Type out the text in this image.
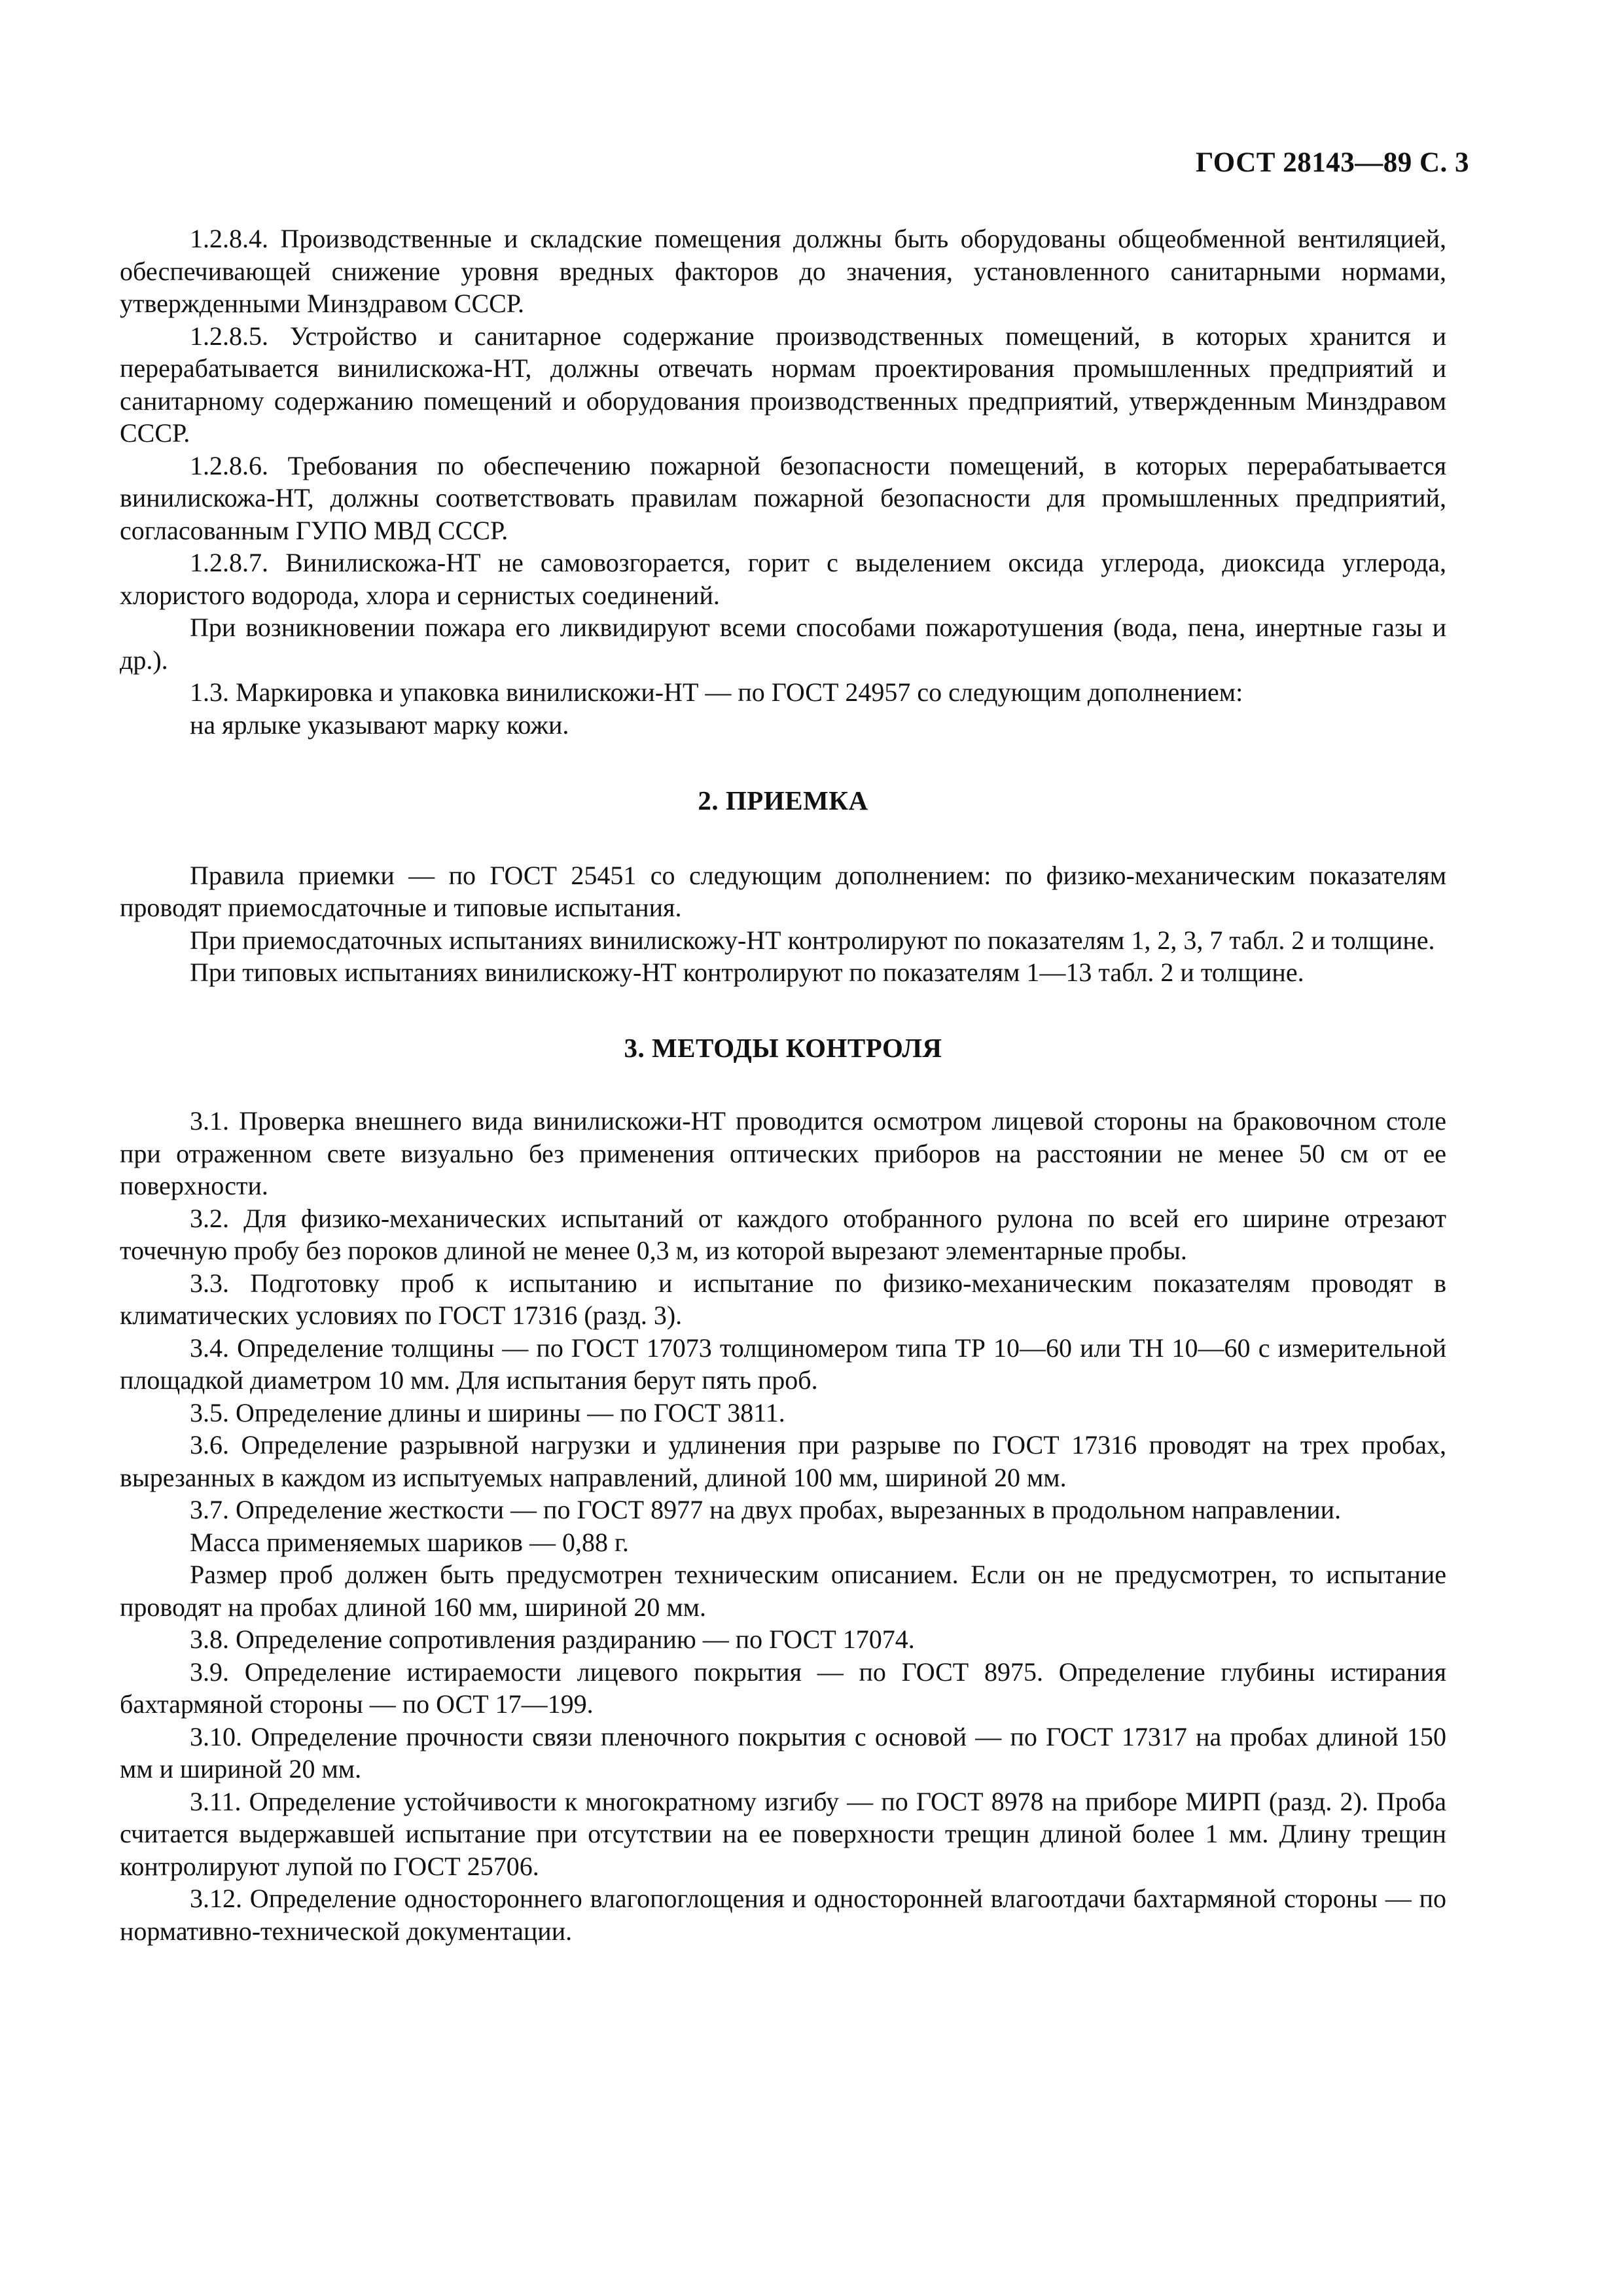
ГОСТ 28143—89 С. 3

1.2.8.4. Производственные и складские помещения должны быть оборудованы общеобменной вентиляцией, обеспечивающей снижение уровня вредных факторов до значения, установленного санитарными нормами, утвержденными Минздравом СССР.

1.2.8.5. Устройство и санитарное содержание производственных помещений, в которых хранится и перерабатывается винилискожа-НТ, должны отвечать нормам проектирования промышленных предприятий и санитарному содержанию помещений и оборудования производственных предприятий, утвержденным Минздравом СССР.

1.2.8.6. Требования по обеспечению пожарной безопасности помещений, в которых перерабатывается винилискожа-НТ, должны соответствовать правилам пожарной безопасности для промышленных предприятий, согласованным ГУПО МВД СССР.

1.2.8.7. Винилискожа-НТ не самовозгорается, горит с выделением оксида углерода, диоксида углерода, хлористого водорода, хлора и сернистых соединений.

При возникновении пожара его ликвидируют всеми способами пожаротушения (вода, пена, инертные газы и др.).

1.3. Маркировка и упаковка винилискожи-НТ — по ГОСТ 24957 со следующим дополнением:

на ярлыке указывают марку кожи.

2. ПРИЕМКА

Правила приемки — по ГОСТ 25451 со следующим дополнением: по физико-механическим показателям проводят приемосдаточные и типовые испытания.

При приемосдаточных испытаниях винилискожу-НТ контролируют по показателям 1, 2, 3, 7 табл. 2 и толщине.

При типовых испытаниях винилискожу-НТ контролируют по показателям 1—13 табл. 2 и толщине.

3. МЕТОДЫ КОНТРОЛЯ

3.1. Проверка внешнего вида винилискожи-НТ проводится осмотром лицевой стороны на браковочном столе при отраженном свете визуально без применения оптических приборов на расстоянии не менее 50 см от ее поверхности.

3.2. Для физико-механических испытаний от каждого отобранного рулона по всей его ширине отрезают точечную пробу без пороков длиной не менее 0,3 м, из которой вырезают элементарные пробы.

3.3. Подготовку проб к испытанию и испытание по физико-механическим показателям проводят в климатических условиях по ГОСТ 17316 (разд. 3).

3.4. Определение толщины — по ГОСТ 17073 толщиномером типа ТР 10—60 или ТН 10—60 с измерительной площадкой диаметром 10 мм. Для испытания берут пять проб.

3.5. Определение длины и ширины — по ГОСТ 3811.

3.6. Определение разрывной нагрузки и удлинения при разрыве по ГОСТ 17316 проводят на трех пробах, вырезанных в каждом из испытуемых направлений, длиной 100 мм, шириной 20 мм.

3.7. Определение жесткости — по ГОСТ 8977 на двух пробах, вырезанных в продольном направлении.

Масса применяемых шариков — 0,88 г.

Размер проб должен быть предусмотрен техническим описанием. Если он не предусмотрен, то испытание проводят на пробах длиной 160 мм, шириной 20 мм.

3.8. Определение сопротивления раздиранию — по ГОСТ 17074.

3.9. Определение истираемости лицевого покрытия — по ГОСТ 8975. Определение глубины истирания бахтармяной стороны — по ОСТ 17—199.

3.10. Определение прочности связи пленочного покрытия с основой — по ГОСТ 17317 на пробах длиной 150 мм и шириной 20 мм.

3.11. Определение устойчивости к многократному изгибу — по ГОСТ 8978 на приборе МИРП (разд. 2). Проба считается выдержавшей испытание при отсутствии на ее поверхности трещин длиной более 1 мм. Длину трещин контролируют лупой по ГОСТ 25706.

3.12. Определение одностороннего влагопоглощения и односторонней влагоотдачи бахтармяной стороны — по нормативно-технической документации.
